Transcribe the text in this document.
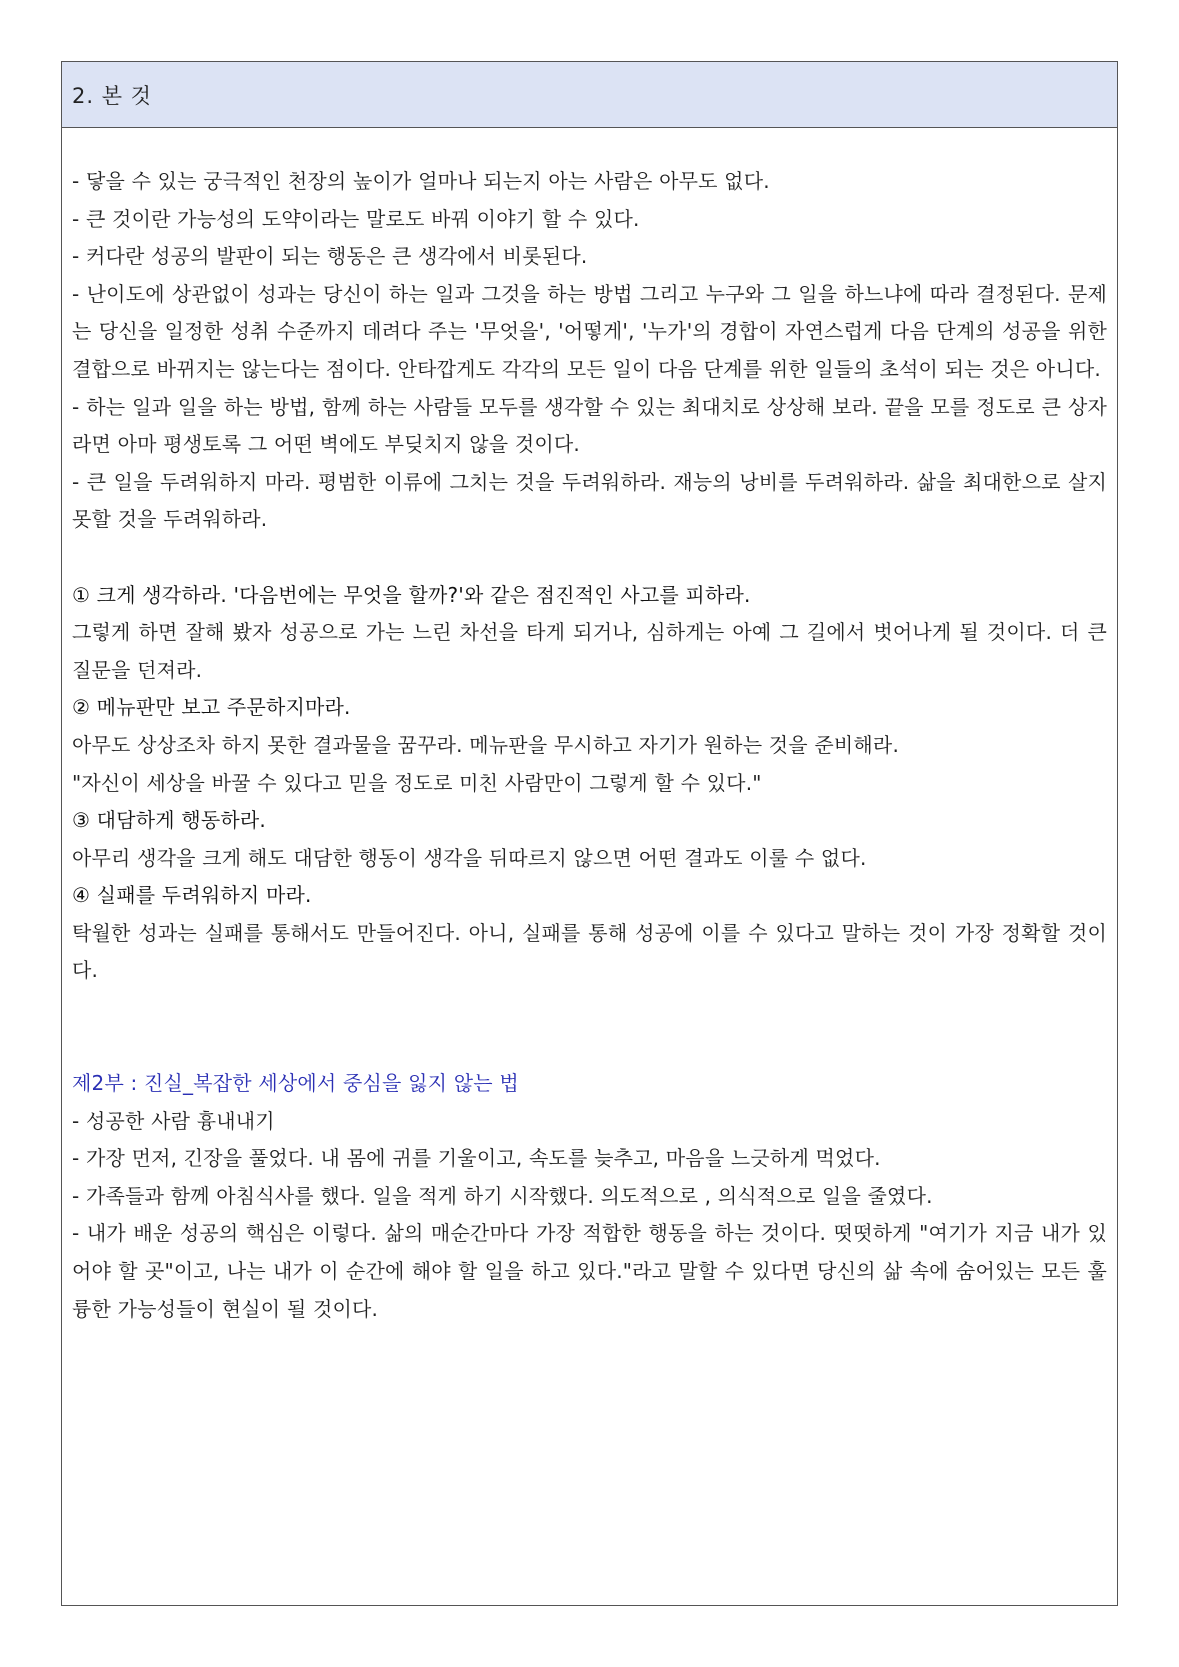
2. 본 것

- 닿을 수 있는 궁극적인 천장의 높이가 얼마나 되는지 아는 사람은 아무도 없다.

- 큰 것이란 가능성의 도약이라는 말로도 바꿔 이야기 할 수 있다.

- 커다란 성공의 발판이 되는 행동은 큰 생각에서 비롯된다.

- 난이도에 상관없이 성과는 당신이 하는 일과 그것을 하는 방법 그리고 누구와 그 일을 하느냐에 따라 결정된다. 문제는 당신을 일정한 성취 수준까지 데려다 주는 '무엇을', '어떻게', '누가'의 경합이 자연스럽게 다음 단계의 성공을 위한 결합으로 바뀌지는 않는다는 점이다. 안타깝게도 각각의 모든 일이 다음 단계를 위한 일들의 초석이 되는 것은 아니다.

- 하는 일과 일을 하는 방법, 함께 하는 사람들 모두를 생각할 수 있는 최대치로 상상해 보라. 끝을 모를 정도로 큰 상자라면 아마 평생토록 그 어떤 벽에도 부딪치지 않을 것이다.

- 큰 일을 두려워하지 마라. 평범한 이류에 그치는 것을 두려워하라. 재능의 낭비를 두려워하라. 삶을 최대한으로 살지 못할 것을 두려워하라.

① 크게 생각하라. '다음번에는 무엇을 할까?'와 같은 점진적인 사고를 피하라.

그렇게 하면 잘해 봤자 성공으로 가는 느린 차선을 타게 되거나, 심하게는 아예 그 길에서 벗어나게 될 것이다. 더 큰 질문을 던져라.

② 메뉴판만 보고 주문하지마라.

아무도 상상조차 하지 못한 결과물을 꿈꾸라. 메뉴판을 무시하고 자기가 원하는 것을 준비해라.

"자신이 세상을 바꿀 수 있다고 믿을 정도로 미친 사람만이 그렇게 할 수 있다."

③ 대담하게 행동하라.

아무리 생각을 크게 해도 대담한 행동이 생각을 뒤따르지 않으면 어떤 결과도 이룰 수 없다.

④ 실패를 두려워하지 마라.

탁월한 성과는 실패를 통해서도 만들어진다. 아니, 실패를 통해 성공에 이를 수 있다고 말하는 것이 가장 정확할 것이다.

제2부 : 진실_복잡한 세상에서 중심을 잃지 않는 법

- 성공한 사람 흉내내기

- 가장 먼저, 긴장을 풀었다. 내 몸에 귀를 기울이고, 속도를 늦추고, 마음을 느긋하게 먹었다.

- 가족들과 함께 아침식사를 했다. 일을 적게 하기 시작했다. 의도적으로 , 의식적으로 일을 줄였다.

- 내가 배운 성공의 핵심은 이렇다. 삶의 매순간마다 가장 적합한 행동을 하는 것이다. 떳떳하게 "여기가 지금 내가 있어야 할 곳"이고, 나는 내가 이 순간에 해야 할 일을 하고 있다."라고 말할 수 있다면 당신의 삶 속에 숨어있는 모든 훌륭한 가능성들이 현실이 될 것이다.
